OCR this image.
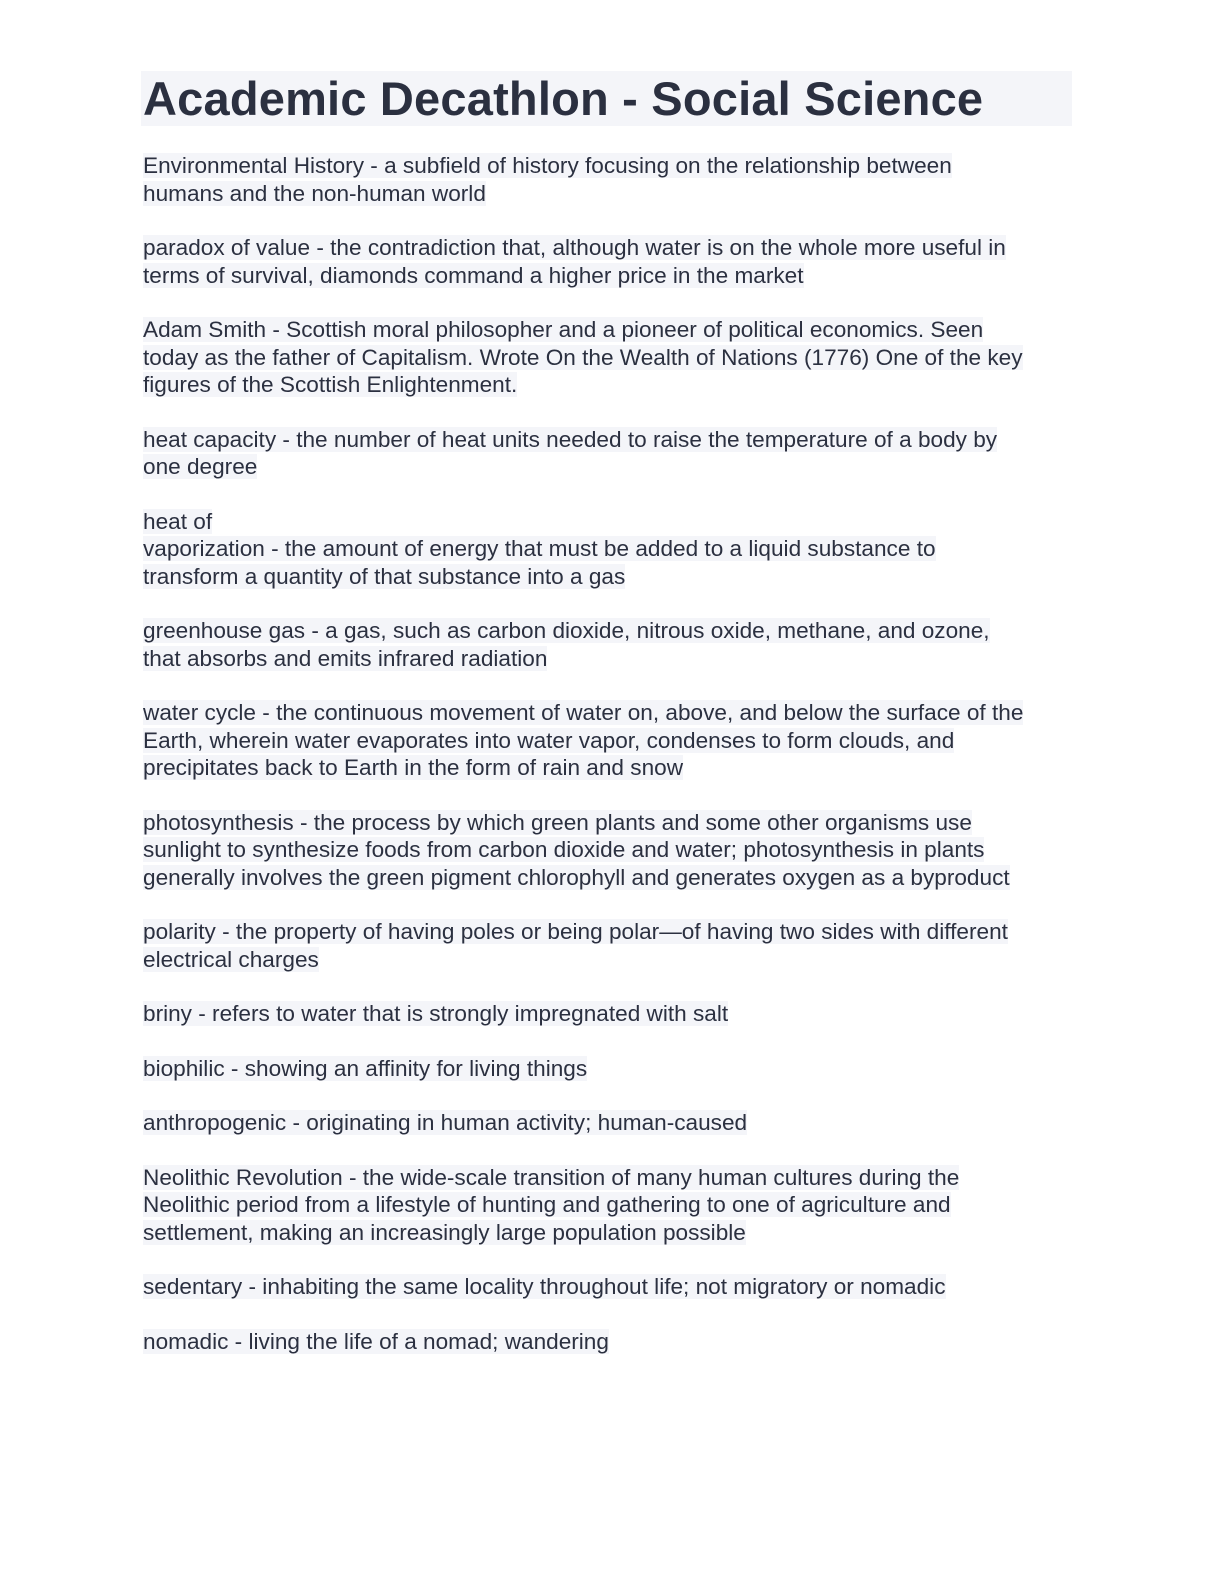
Academic Decathlon - Social Science

Environmental History - a subfield of history focusing on the relationship between
humans and the non-human world

paradox of value - the contradiction that, although water is on the whole more useful in
terms of survival, diamonds command a higher price in the market

Adam Smith - Scottish moral philosopher and a pioneer of political economics. Seen
today as the father of Capitalism. Wrote On the Wealth of Nations (1776) One of the key
figures of the Scottish Enlightenment.

heat capacity - the number of heat units needed to raise the temperature of a body by
one degree

heat of
vaporization - the amount of energy that must be added to a liquid substance to
transform a quantity of that substance into a gas

greenhouse gas - a gas, such as carbon dioxide, nitrous oxide, methane, and ozone,
that absorbs and emits infrared radiation

water cycle - the continuous movement of water on, above, and below the surface of the
Earth, wherein water evaporates into water vapor, condenses to form clouds, and
precipitates back to Earth in the form of rain and snow

photosynthesis - the process by which green plants and some other organisms use
sunlight to synthesize foods from carbon dioxide and water; photosynthesis in plants
generally involves the green pigment chlorophyll and generates oxygen as a byproduct

polarity - the property of having poles or being polar—of having two sides with different
electrical charges

briny - refers to water that is strongly impregnated with salt

biophilic - showing an affinity for living things

anthropogenic - originating in human activity; human-caused

Neolithic Revolution - the wide-scale transition of many human cultures during the
Neolithic period from a lifestyle of hunting and gathering to one of agriculture and
settlement, making an increasingly large population possible

sedentary - inhabiting the same locality throughout life; not migratory or nomadic

nomadic - living the life of a nomad; wandering
